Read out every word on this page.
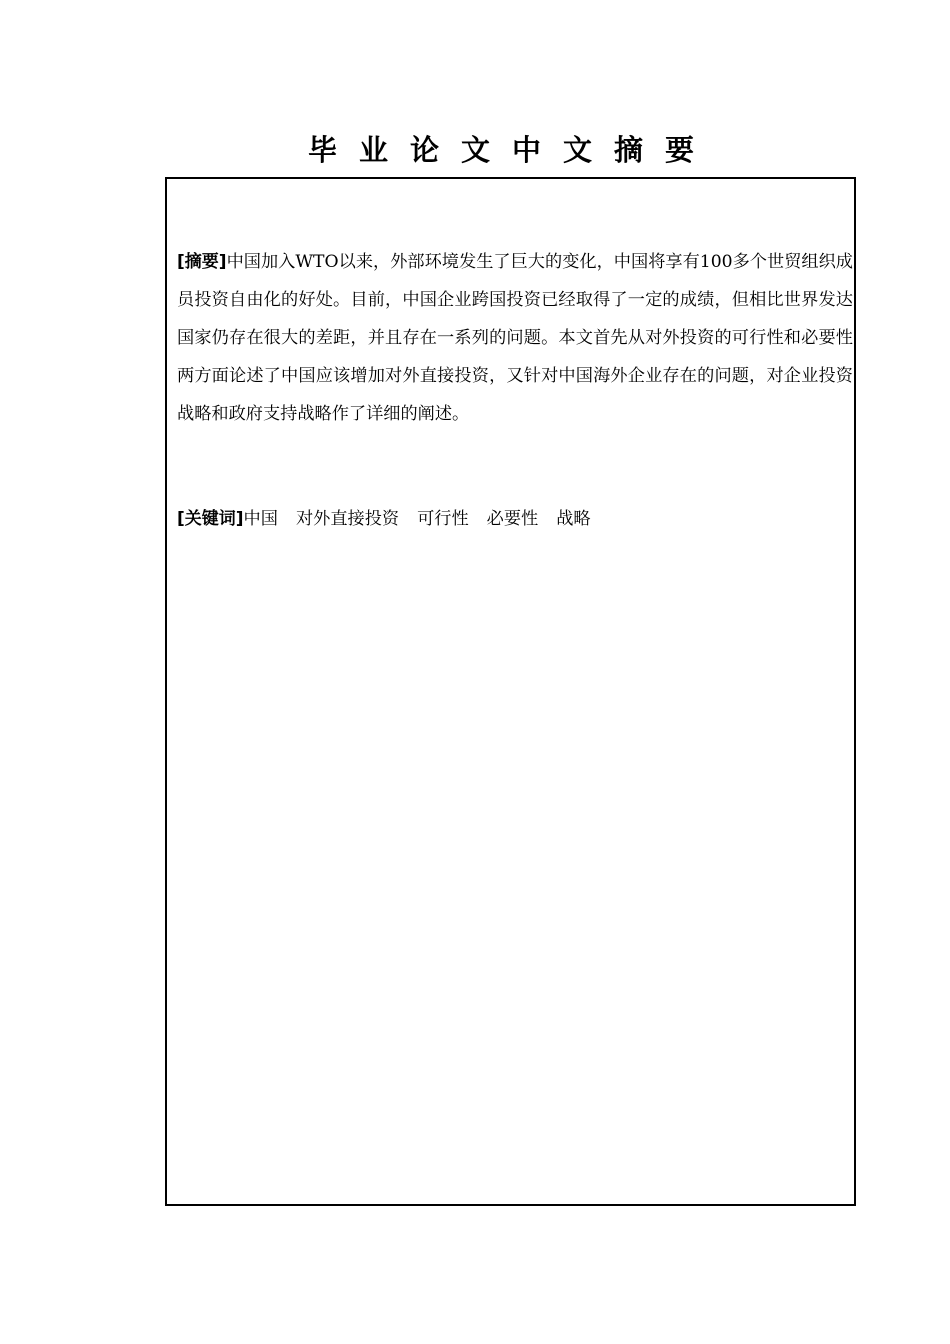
毕业论文中文摘要

[摘要]中国加入WTO以来，外部环境发生了巨大的变化，中国将享有100多个世贸组织成员投资自由化的好处。目前，中国企业跨国投资已经取得了一定的成绩，但相比世界发达国家仍存在很大的差距，并且存在一系列的问题。本文首先从对外投资的可行性和必要性两方面论述了中国应该增加对外直接投资，又针对中国海外企业存在的问题，对企业投资战略和政府支持战略作了详细的阐述。

[关键词]中国 对外直接投资 可行性 必要性 战略
